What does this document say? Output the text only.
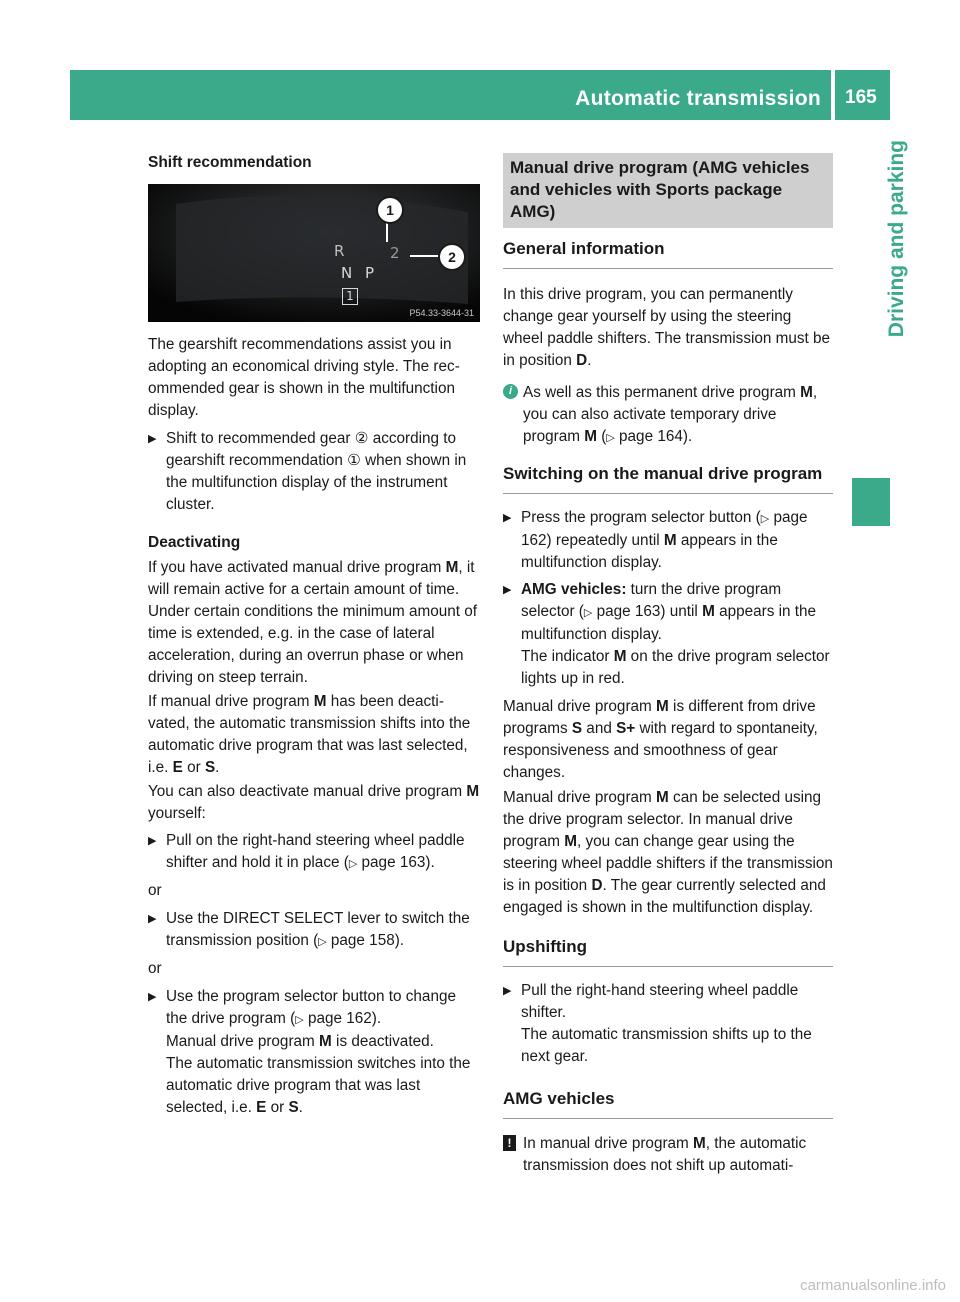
Automatic transmission 165
Driving and parking

Shift recommendation

R	2
N P
1
1
2
P54.33-3644-31

The gearshift recommendations assist you in adopting an economical driving style. The recommended gear is shown in the multifunction display.

▶ Shift to recommended gear ② according to gearshift recommendation ① when shown in the multifunction display of the instrument cluster.

Deactivating

If you have activated manual drive program M, it will remain active for a certain amount of time. Under certain conditions the minimum amount of time is extended, e.g. in the case of lateral acceleration, during an overrun phase or when driving on steep terrain.

If manual drive program M has been deactivated, the automatic transmission shifts into the automatic drive program that was last selected, i.e. E or S.

You can also deactivate manual drive program M yourself:

▶ Pull on the right-hand steering wheel paddle shifter and hold it in place (▷ page 163).

or

▶ Use the DIRECT SELECT lever to switch the transmission position (▷ page 158).

or

▶ Use the program selector button to change the drive program (▷ page 162).
Manual drive program M is deactivated.
The automatic transmission switches into the automatic drive program that was last selected, i.e. E or S.
Manual drive program (AMG vehicles and vehicles with Sports package AMG)

General information

In this drive program, you can permanently change gear yourself by using the steering wheel paddle shifters. The transmission must be in position D.

i As well as this permanent drive program M, you can also activate temporary drive program M (▷ page 164).

Switching on the manual drive program

▶ Press the program selector button (▷ page 162) repeatedly until M appears in the multifunction display.
▶ AMG vehicles: turn the drive program selector (▷ page 163) until M appears in the multifunction display.
The indicator M on the drive program selector lights up in red.

Manual drive program M is different from drive programs S and S+ with regard to spontaneity, responsiveness and smoothness of gear changes.

Manual drive program M can be selected using the drive program selector. In manual drive program M, you can change gear using the steering wheel paddle shifters if the transmission is in position D. The gear currently selected and engaged is shown in the multifunction display.

Upshifting

▶ Pull the right-hand steering wheel paddle shifter.
The automatic transmission shifts up to the next gear.

AMG vehicles

! In manual drive program M, the automatic transmission does not shift up automati-
carmanualsonline.info
